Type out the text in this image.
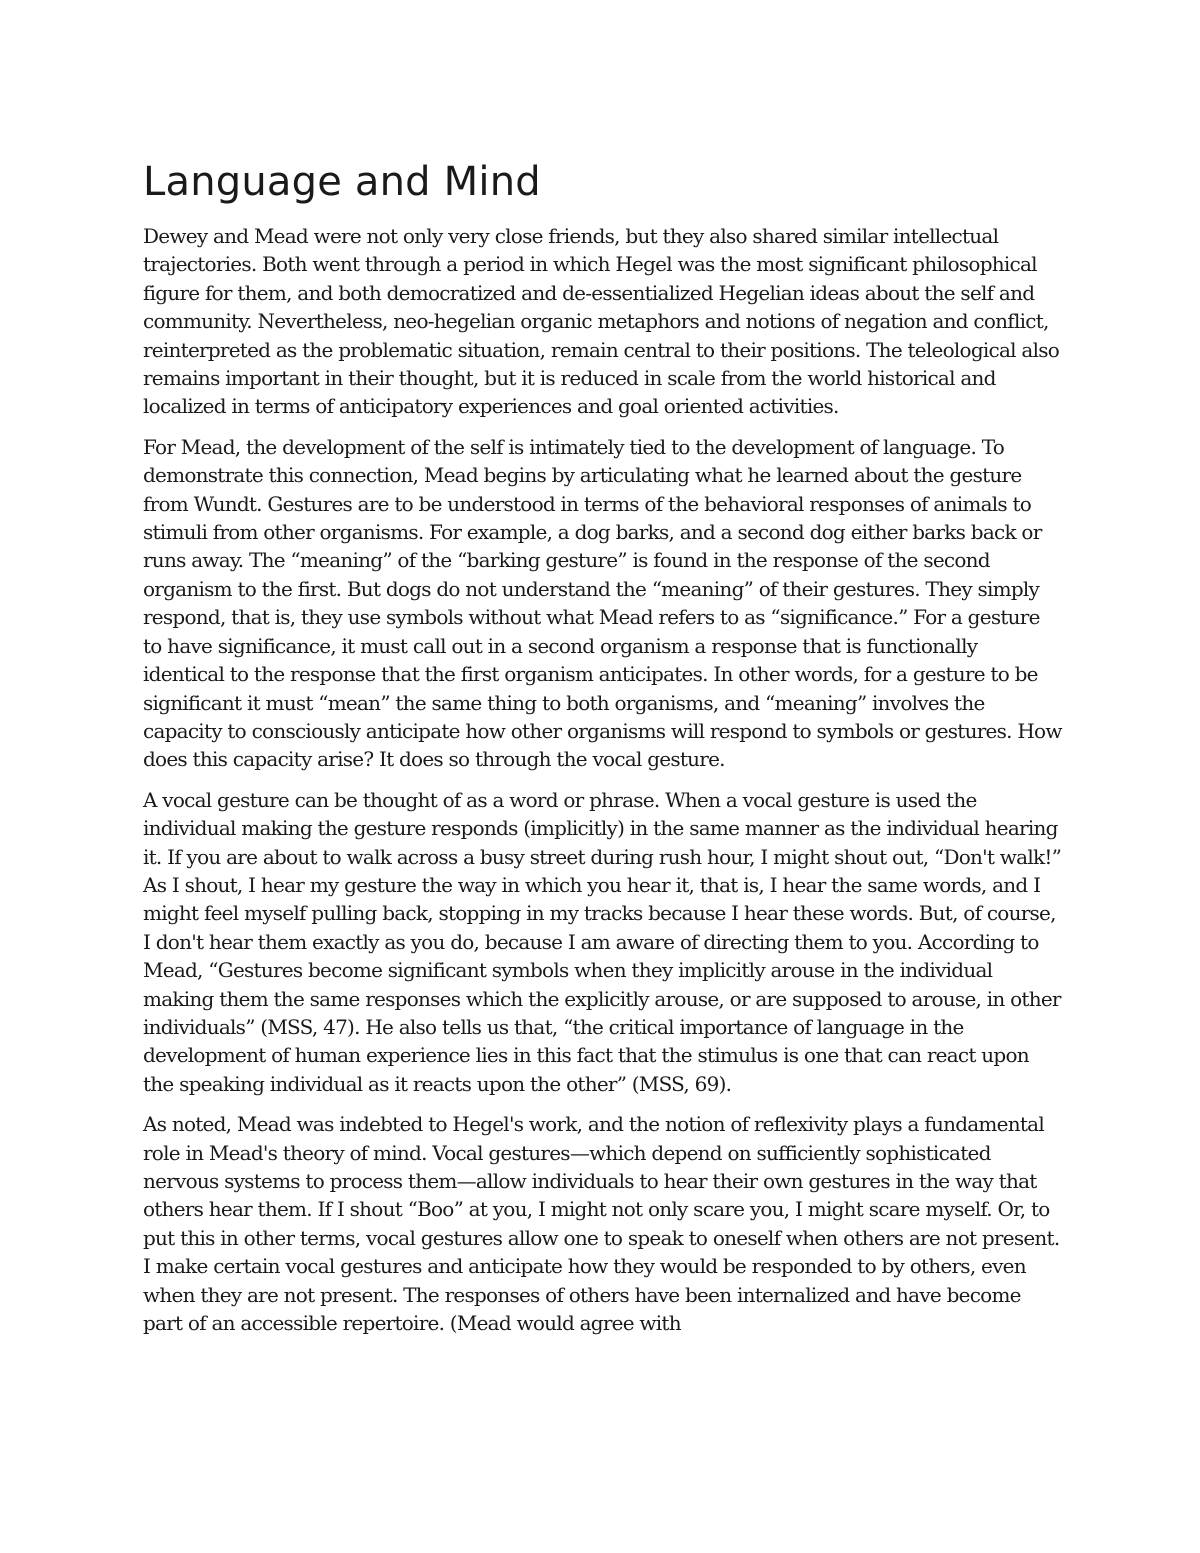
Language and Mind

Dewey and Mead were not only very close friends, but they also shared similar intellectual trajectories. Both went through a period in which Hegel was the most significant philosophical figure for them, and both democratized and de-essentialized Hegelian ideas about the self and community. Nevertheless, neo-hegelian organic metaphors and notions of negation and conflict, reinterpreted as the problematic situation, remain central to their positions. The teleological also remains important in their thought, but it is reduced in scale from the world historical and localized in terms of anticipatory experiences and goal oriented activities.

For Mead, the development of the self is intimately tied to the development of language. To demonstrate this connection, Mead begins by articulating what he learned about the gesture from Wundt. Gestures are to be understood in terms of the behavioral responses of animals to stimuli from other organisms. For example, a dog barks, and a second dog either barks back or runs away. The “meaning” of the “barking gesture” is found in the response of the second organism to the first. But dogs do not understand the “meaning” of their gestures. They simply respond, that is, they use symbols without what Mead refers to as “significance.” For a gesture to have significance, it must call out in a second organism a response that is functionally identical to the response that the first organism anticipates. In other words, for a gesture to be significant it must “mean” the same thing to both organisms, and “meaning” involves the capacity to consciously anticipate how other organisms will respond to symbols or gestures. How does this capacity arise? It does so through the vocal gesture.

A vocal gesture can be thought of as a word or phrase. When a vocal gesture is used the individual making the gesture responds (implicitly) in the same manner as the individual hearing it. If you are about to walk across a busy street during rush hour, I might shout out, “Don't walk!” As I shout, I hear my gesture the way in which you hear it, that is, I hear the same words, and I might feel myself pulling back, stopping in my tracks because I hear these words. But, of course, I don't hear them exactly as you do, because I am aware of directing them to you. According to Mead, “Gestures become significant symbols when they implicitly arouse in the individual making them the same responses which the explicitly arouse, or are supposed to arouse, in other individuals” (MSS, 47). He also tells us that, “the critical importance of language in the development of human experience lies in this fact that the stimulus is one that can react upon the speaking individual as it reacts upon the other” (MSS, 69).

As noted, Mead was indebted to Hegel's work, and the notion of reflexivity plays a fundamental role in Mead's theory of mind. Vocal gestures—which depend on sufficiently sophisticated nervous systems to process them—allow individuals to hear their own gestures in the way that others hear them. If I shout “Boo” at you, I might not only scare you, I might scare myself. Or, to put this in other terms, vocal gestures allow one to speak to oneself when others are not present. I make certain vocal gestures and anticipate how they would be responded to by others, even when they are not present. The responses of others have been internalized and have become part of an accessible repertoire. (Mead would agree with
